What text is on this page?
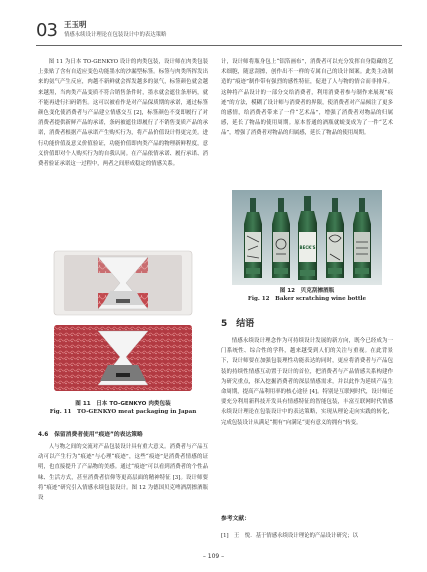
03 王玉明
情感永续设计理论在包装设计中的表达策略

图 11 为日本 TO-GENKYO 设计的肉类包装，设计师在肉类包装上张贴了含有自适应变色功能墨水的沙漏型标签。标签与肉类所挥发出来的氨气产生反应，肉越不新鲜就会挥发越多的氨气，标签颜色就会越来越黑，当肉类产品变质不符合销售条件时，墨水就会遮住条形码，就不能再进行扫码销售。这可以被看作是对产品保质期的承诺，通过标签颜色变化使消费者与产品建立情感交互 [2]，标签颜色不变即履行了对消费者提供新鲜产品的承诺，条码被遮住即履行了不销售变质产品的承诺，消费者根据产品承诺产生购买行为，将产品价值设计得更完美。进行功能价值及意义价值验证，功能价值即肉类产品的物理新鲜程度，意义价值即对个人购买行为的自我认同。在产品依情承诺、履行承诺、消费者验证承诺这一过程中，两者之间形成稳定的情感关系。

图 11　日本 TO-GENKYO 肉类包装
Fig. 11　TO-GENKYO meat packaging in Japan
4.6　保留消费者使用“痕迹”的表达策略

人与物之间的交流对产品包装设计具有重大意义。消费者与产品互动可以产生行为“痕迹”与心理“痕迹”，这些“痕迹”是消费者情感的证明，也直接提升了产品物的美感。通过“痕迹”可以看到消费者的个性品味、生活方式，甚至消费者信仰等更高层面的精神特征 [3]。设计师要将“痕迹”研究引入情感永续包装设计。图 12 为德国贝克啤酒刮擦酒瓶设

计，设计师将瓶身包上“铝箔画布”，消费者可以充分发挥自身隐藏的艺术细胞，随意刮擦，创作出不一样的专属自己的设计图案。此类主动制造的“痕迹”制作带有强烈的感性特征，促进了人与物的情合而非排斥。这种将产品设计的一部分交给消费者，利用消费者参与制作来展现“痕迹”的方法，模糊了设计师与消费者的界限，使消费者对产品倾注了更多的感情，给消费者带来了一件“艺术品”，增强了消费者对物品的归属感，延长了物品的使用周期。原本普通的酒瓶就蜕变成为了一件“艺术品”，增强了消费者对物品的归属感，延长了物品的使用周期。

BECK'S
图 12　贝克刮擦酒瓶
Fig. 12　Baker scratching wine bottle
5　结语

情感永续设计理念作为可持续设计发展的新方向，既今已经成为一门系统性、综合性的学科，越来越受到人们的关注与重视。在此背景下，设计师要在加强包装理性功能表达的同时，更应将消费者与产品包装的持续性情感互动置于设计的首位，把消费者与产品情感关系构建作为研究重点，探入挖掘消费者的深层情感需求，并以此作为延续产品生命周期，提高产品利用率的核心途径 [4]。特别是互联网时代，设计师还要充分利用新科技开发具有情感特征的智能包装，丰富互联网时代情感永续设计理论在包装设计中的表达策略，实现从理论走向实践的转化，完成包装设计从满足“拥有”向满足“更有意义的拥有”转变。

参考文献：
[1]　王　悦．基于情感永续设计理论的产品设计研究；以
– 109 –
